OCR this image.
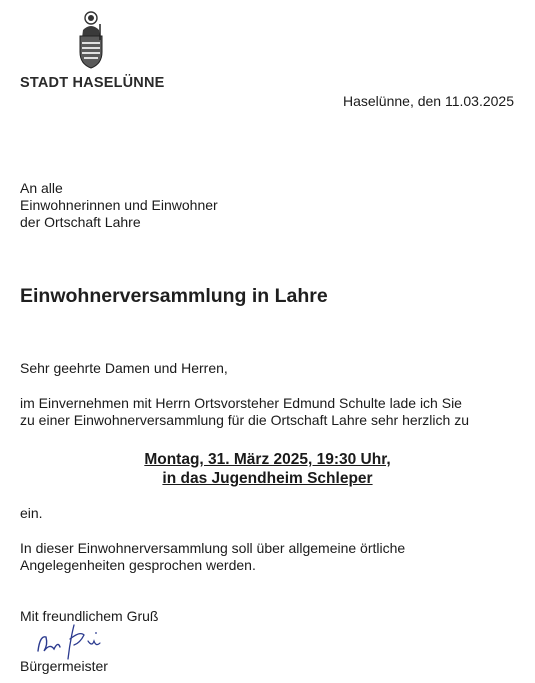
STADT HASELÜNNE
Haselünne, den 11.03.2025
An alle
Einwohnerinnen und Einwohner
der Ortschaft Lahre
Einwohnerversammlung in Lahre
Sehr geehrte Damen und Herren,
im Einvernehmen mit Herrn Ortsvorsteher Edmund Schulte lade ich Sie
zu einer Einwohnerversammlung für die Ortschaft Lahre sehr herzlich zu
Montag, 31. März 2025, 19:30 Uhr,
in das Jugendheim Schleper
ein.
In dieser Einwohnerversammlung soll über allgemeine örtliche
Angelegenheiten gesprochen werden.
Mit freundlichem Gruß
Bürgermeister
